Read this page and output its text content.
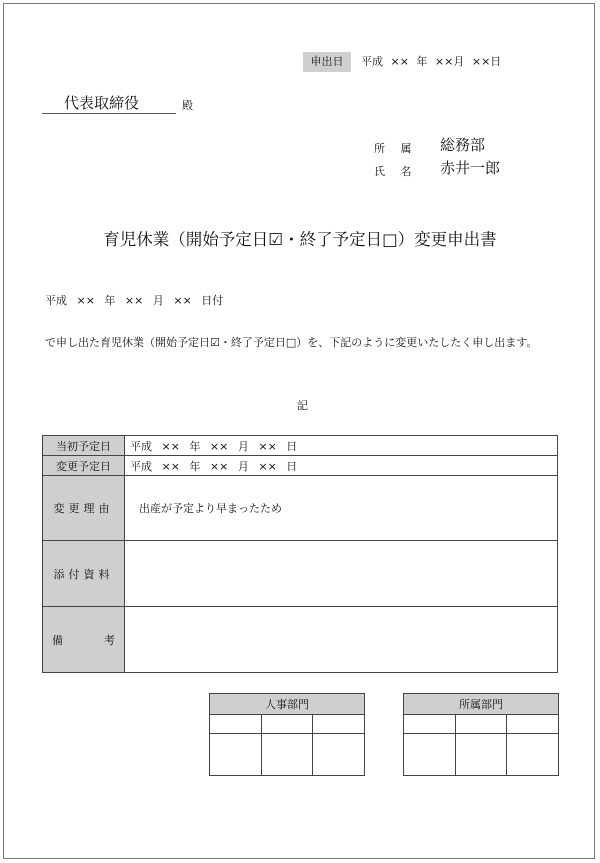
申出日	平成 ×× 年 ××月 ××日
代表取締役	殿
所 属 総務部
氏 名 赤井一郎
育児休業（開始予定日☑・終了予定日□）変更申出書
平成 ×× 年 ×× 月 ×× 日付
で申し出た育児休業（開始予定日☑・終了予定日□）を、下記のように変更いたしたく申し出ます。
記
当初予定日	平成 ×× 年 ×× 月 ×× 日
変更予定日	平成 ×× 年 ×× 月 ×× 日
変更理由	出産が予定より早まったため
添付資料	

備 考	

人事部門		

			所属部門		
